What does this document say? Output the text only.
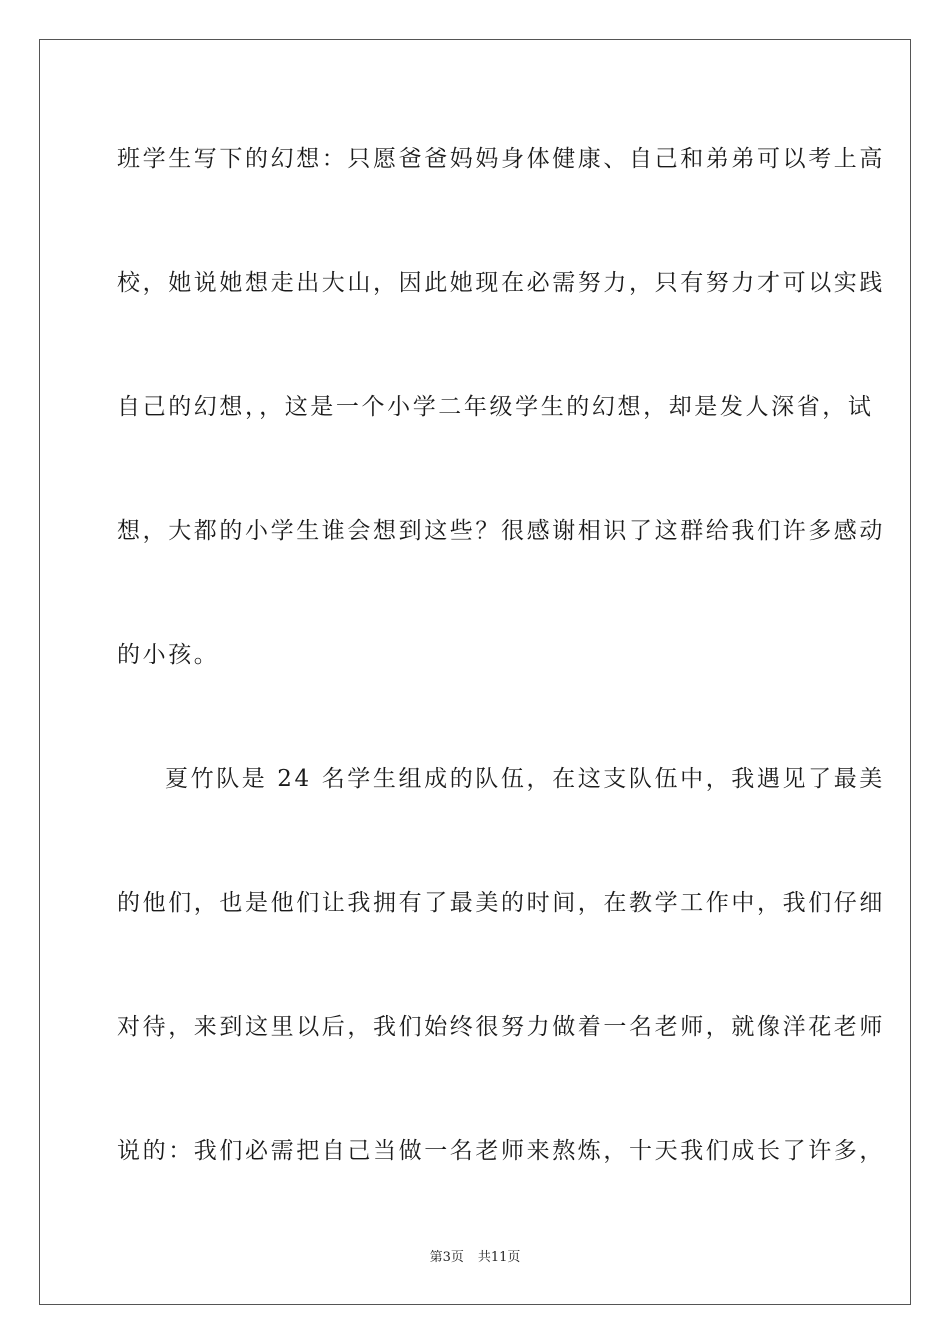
班学生写下的幻想：只愿爸爸妈妈身体健康、自己和弟弟可以考上高
校，她说她想走出大山，因此她现在必需努力，只有努力才可以实践
自己的幻想，，这是一个小学二年级学生的幻想，却是发人深省，试
想，大都的小学生谁会想到这些？很感谢相识了这群给我们许多感动
的小孩。
夏竹队是 24 名学生组成的队伍，在这支队伍中，我遇见了最美
的他们，也是他们让我拥有了最美的时间，在教学工作中，我们仔细
对待，来到这里以后，我们始终很努力做着一名老师，就像洋花老师
说的：我们必需把自己当做一名老师来熬炼，十天我们成长了许多，
第3页 共11页
